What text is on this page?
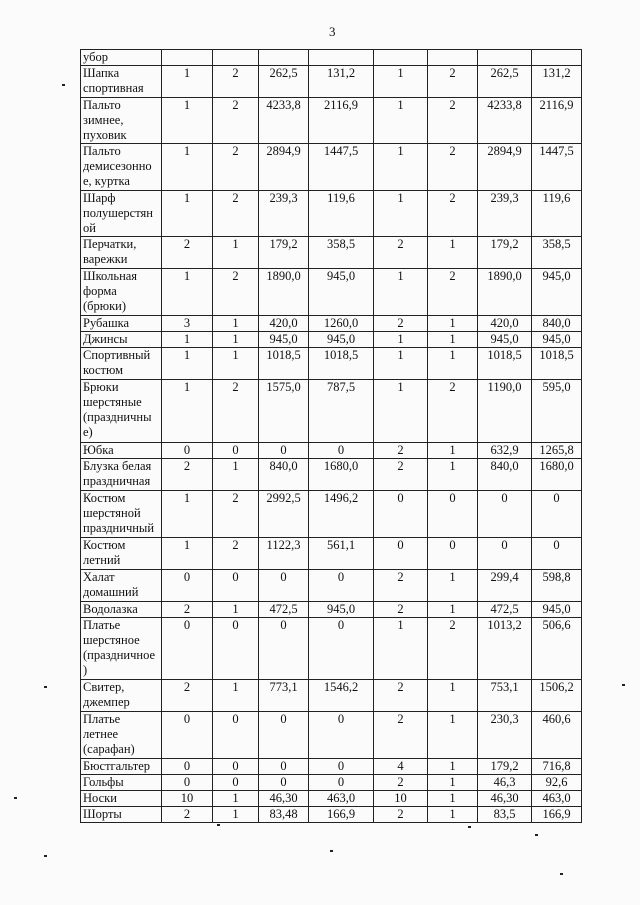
3
убор								
Шапка
спортивная	1	2	262,5	131,2	1	2	262,5	131,2
Пальто
зимнее,
пуховик	1	2	4233,8	2116,9	1	2	4233,8	2116,9
Пальто
демисезонно
е, куртка	1	2	2894,9	1447,5	1	2	2894,9	1447,5
Шарф
полушерстян
ой	1	2	239,3	119,6	1	2	239,3	119,6
Перчатки,
варежки	2	1	179,2	358,5	2	1	179,2	358,5
Школьная
форма
(брюки)	1	2	1890,0	945,0	1	2	1890,0	945,0
Рубашка	3	1	420,0	1260,0	2	1	420,0	840,0
Джинсы	1	1	945,0	945,0	1	1	945,0	945,0
Спортивный
костюм	1	1	1018,5	1018,5	1	1	1018,5	1018,5
Брюки
шерстяные
(праздничны
е)	1	2	1575,0	787,5	1	2	1190,0	595,0
Юбка	0	0	0	0	2	1	632,9	1265,8
Блузка белая
праздничная	2	1	840,0	1680,0	2	1	840,0	1680,0
Костюм
шерстяной
праздничный	1	2	2992,5	1496,2	0	0	0	0
Костюм
летний	1	2	1122,3	561,1	0	0	0	0
Халат
домашний	0	0	0	0	2	1	299,4	598,8
Водолазка	2	1	472,5	945,0	2	1	472,5	945,0
Платье
шерстяное
(праздничное
)	0	0	0	0	1	2	1013,2	506,6
Свитер,
джемпер	2	1	773,1	1546,2	2	1	753,1	1506,2
Платье
летнее
(сарафан)	0	0	0	0	2	1	230,3	460,6
Бюстгальтер	0	0	0	0	4	1	179,2	716,8
Гольфы	0	0	0	0	2	1	46,3	92,6
Носки	10	1	46,30	463,0	10	1	46,30	463,0
Шорты	2	1	83,48	166,9	2	1	83,5	166,9
